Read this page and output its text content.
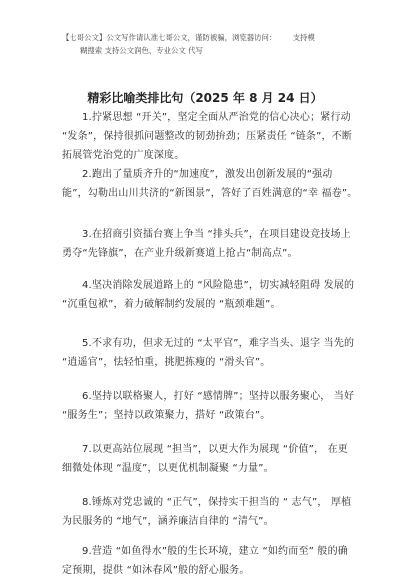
【七哥公文】公文写作请认准七哥公文，谨防被骗，浏览器访问： 支持模
糊搜索 支持公文润色、专业公文 代写
精彩比喻类排比句（2025 年 8 月 24 日）
1.拧紧思想 “开关”，坚定全面从严治党的信心决心；紧行动 “发条”，保持很抓问题整改的韧劲拚劲；压紧责任 “链条”，不断拓展管党治党的广度深度。
2.跑出了量质齐升的“加速度”，激发出创新发展的“强动能”，勾勒出山川共济的“新图景”，答好了百姓满意的“幸 福卷”。
3.在招商引资擂台赛上争当 “排头兵”，在项目建设竞技场上勇夺“先锋旗”，在产业升级新赛道上抢占“制高点”。
4.坚决消除发展道路上的 “风险隐患”，切实减轻阻碍 发展的 “沉重包袱”，着力破解制约发展的 “瓶颈难题”。
5.不求有功，但求无过的 “太平官”，难字当头、退字 当先的 “逍遥官”，怯轻怕重，挑肥拣瘦的 “滑头官”。
6.坚持以联格聚人，打好 “感情牌”；坚持以服务聚心， 当好 “服务生”；坚持以政策聚力，搭好 “政策台”。
7.以更高站位展现 “担当”，以更大作为展现 “价值”， 在更细微处体现 “温度”，以更优机制凝聚 “力量”。
8.锤炼对党忠诚的 “正气”，保持实干担当的 “ 志气”， 厚植为民服务的 “地气”，涵养廉洁自律的 “清气”。
9.营造 “如鱼得水”般的生长环境，建立 “如约而至” 般的确定预期，提供 “如沐春风”般的舒心服务。
